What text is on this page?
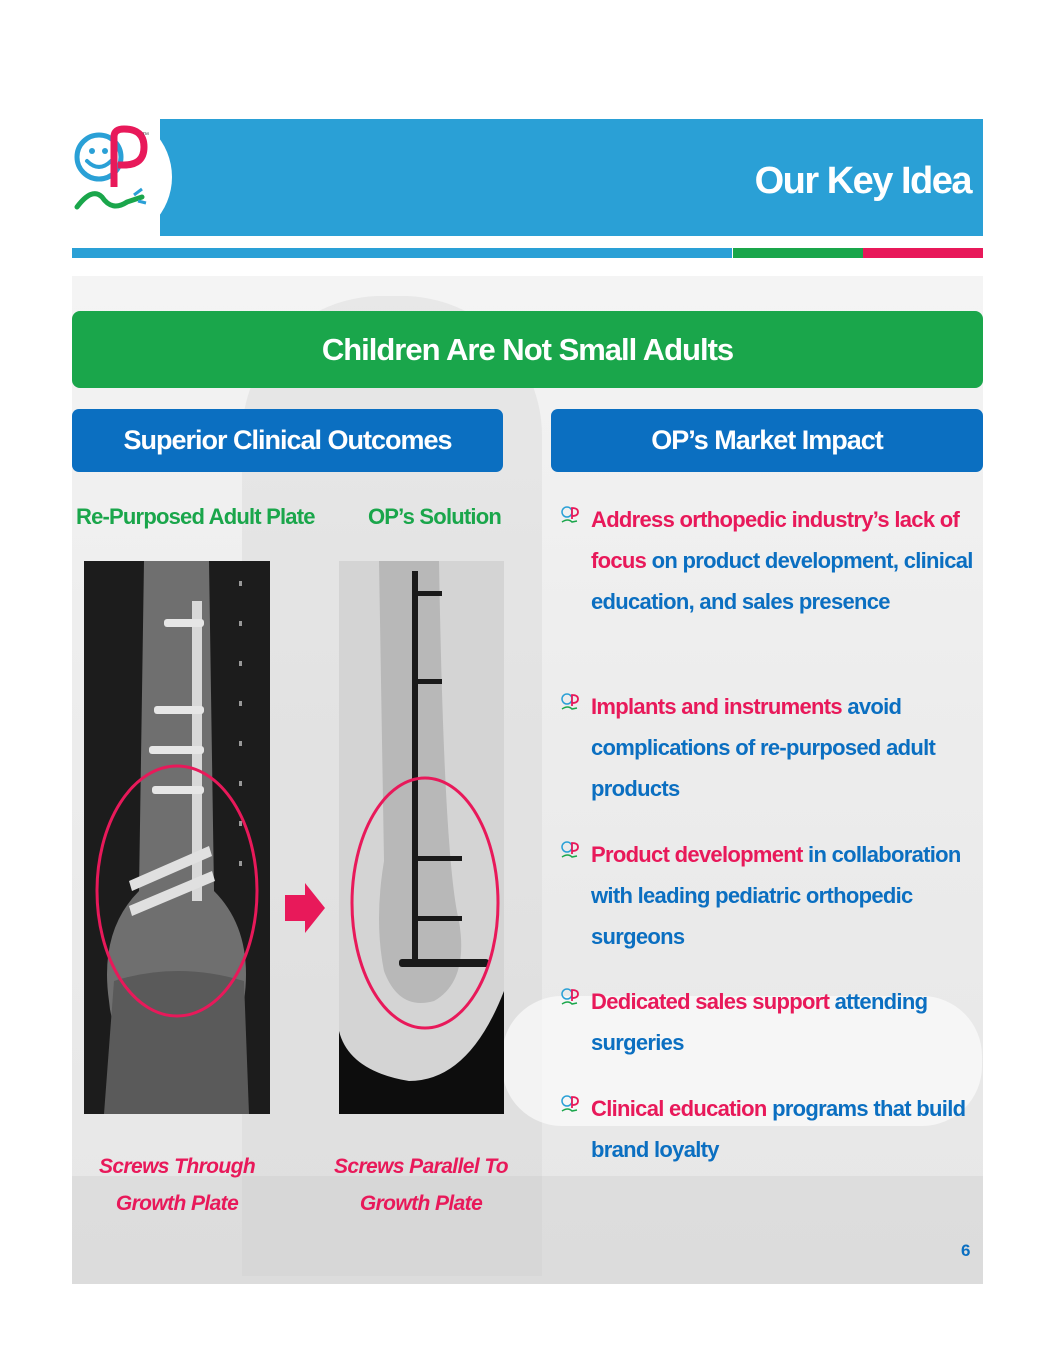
™
Our Key Idea
Children Are Not Small Adults
Superior Clinical Outcomes	OP’s Market Impact
Re-Purposed Adult Plate OP’s Solution
Screws Through
Growth Plate
Screws Parallel To
Growth Plate
Address orthopedic industry’s lack of focus on product development, clinical education, and sales presence
Implants and instruments avoid complications of re-purposed adult products
Product development in collaboration with leading pediatric orthopedic surgeons
Dedicated sales support attending surgeries
Clinical education programs that build brand loyalty
6
